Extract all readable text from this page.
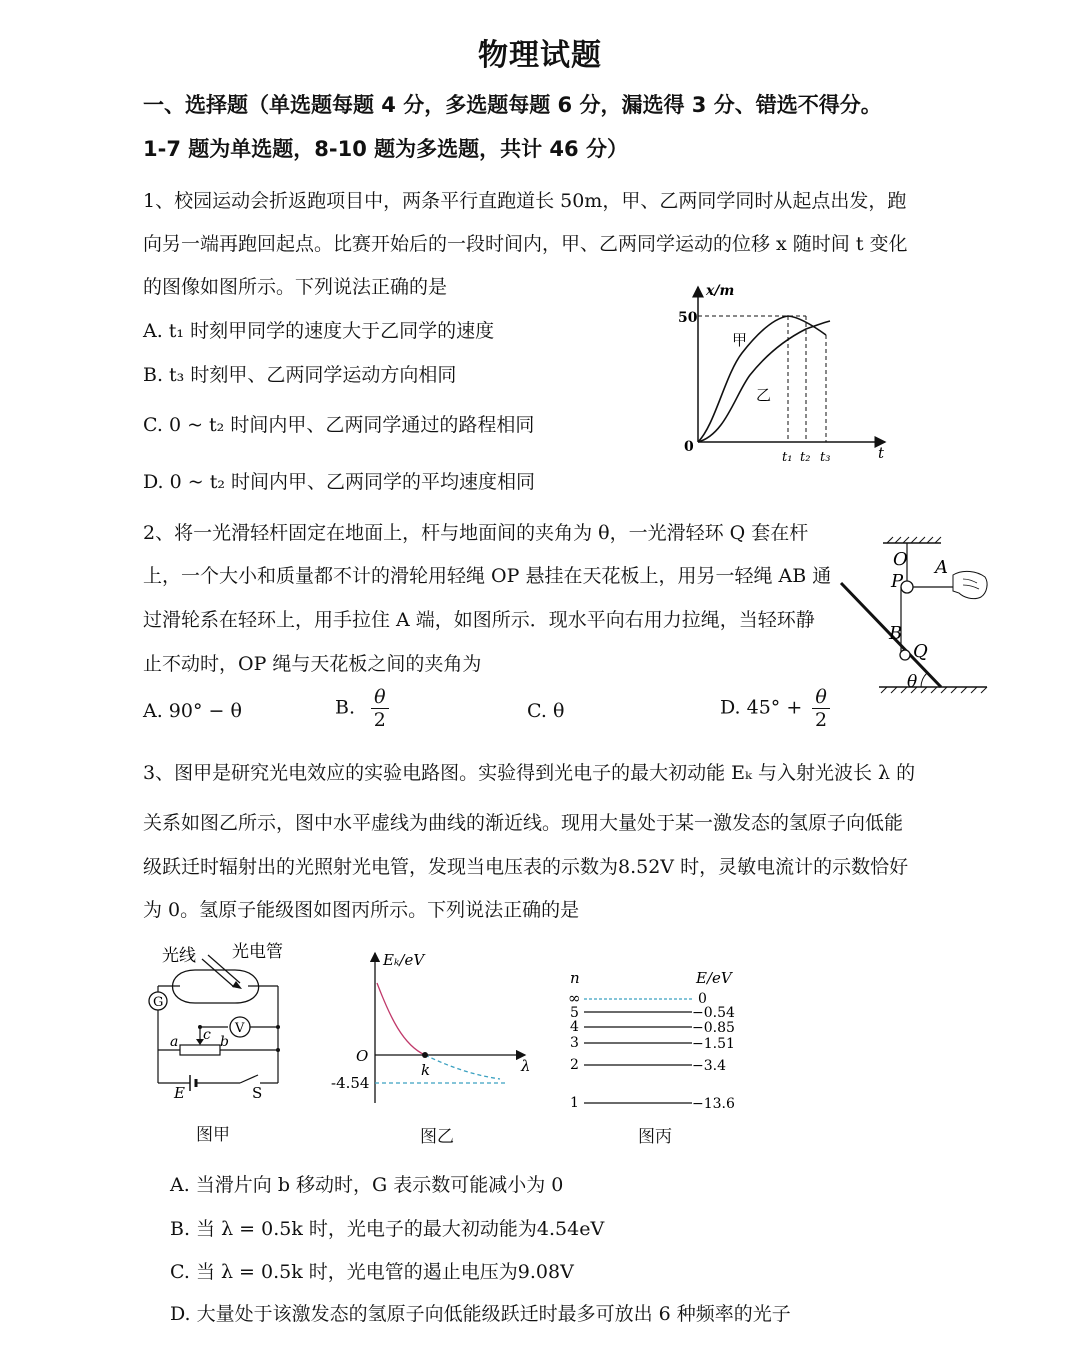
物理试题
一、选择题（单选题每题 4 分，多选题每题 6 分，漏选得 3 分、错选不得分。
1-7 题为单选题，8-10 题为多选题，共计 46 分）
1、校园运动会折返跑项目中，两条平行直跑道长 50m，甲、乙两同学同时从起点出发，跑
向另一端再跑回起点。比赛开始后的一段时间内，甲、乙两同学运动的位移 x 随时间 t 变化
的图像如图所示。下列说法正确的是
A. t₁ 时刻甲同学的速度大于乙同学的速度
B. t₃ 时刻甲、乙两同学运动方向相同
C. 0 ~ t₂ 时间内甲、乙两同学通过的路程相同
D. 0 ~ t₂ 时间内甲、乙两同学的平均速度相同
x/m
50
0	t
甲
乙
t₁ t₂ t₃
2、将一光滑轻杆固定在地面上，杆与地面间的夹角为 θ，一光滑轻环 Q 套在杆
上，一个大小和质量都不计的滑轮用轻绳 OP 悬挂在天花板上，用另一轻绳 AB 通
过滑轮系在轻环上，用手拉住 A 端，如图所示．现水平向右用力拉绳，当轻环静
止不动时，OP 绳与天花板之间的夹角为
A. 90° − θ	B. $\frac{\theta}{2}$	C. θ	D. $45^\circ + \frac{\theta}{2}$
O
P
A
B
Q
θ
3、图甲是研究光电效应的实验电路图。实验得到光电子的最大初动能 Eₖ 与入射光波长 λ 的
关系如图乙所示，图中水平虚线为曲线的渐近线。现用大量处于某一激发态的氢原子向低能
级跃迁时辐射出的光照射光电管，发现当电压表的示数为8.52V 时，灵敏电流计的示数恰好
为 0。氢原子能级图如图丙所示。下列说法正确的是
光线 光电管
G
V
a	b
c
E	S
图甲
Eₖ/eV
λ
O
-4.54
k
图乙
n	E/eV
∞	0
5	−0.54
4	−0.85
3	−1.51
2	−3.4
1	−13.6
图丙
A. 当滑片向 b 移动时，G 表示数可能减小为 0
B. 当 λ = 0.5k 时，光电子的最大初动能为4.54eV
C. 当 λ = 0.5k 时，光电管的遏止电压为9.08V
D. 大量处于该激发态的氢原子向低能级跃迁时最多可放出 6 种频率的光子
